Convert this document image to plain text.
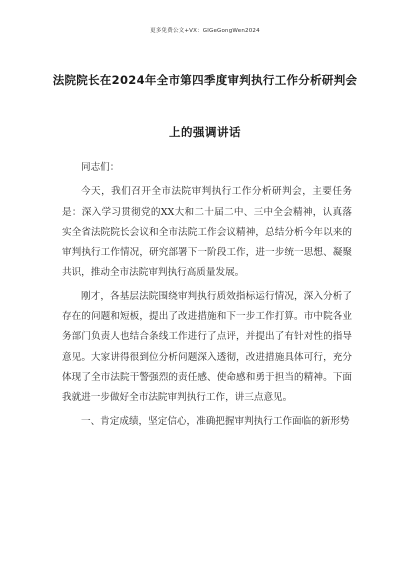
更多免费公文+VX：GlGeGongWen2024
法院院长在2024年全市第四季度审判执行工作分析研判会
上的强调讲话

同志们：

今天，我们召开全市法院审判执行工作分析研判会，主要任务是：深入学习贯彻党的XX大和二十届二中、三中全会精神，认真落实全省法院院长会议和全市法院工作会议精神，总结分析今年以来的审判执行工作情况，研究部署下一阶段工作，进一步统一思想、凝聚共识，推动全市法院审判执行高质量发展。

刚才，各基层法院围绕审判执行质效指标运行情况，深入分析了存在的问题和短板，提出了改进措施和下一步工作打算。市中院各业务部门负责人也结合条线工作进行了点评，并提出了有针对性的指导意见。大家讲得很到位分析问题深入透彻，改进措施具体可行，充分体现了全市法院干警强烈的责任感、使命感和勇于担当的精神。下面我就进一步做好全市法院审判执行工作，讲三点意见。

一、肯定成绩，坚定信心，准确把握审判执行工作面临的新形势
